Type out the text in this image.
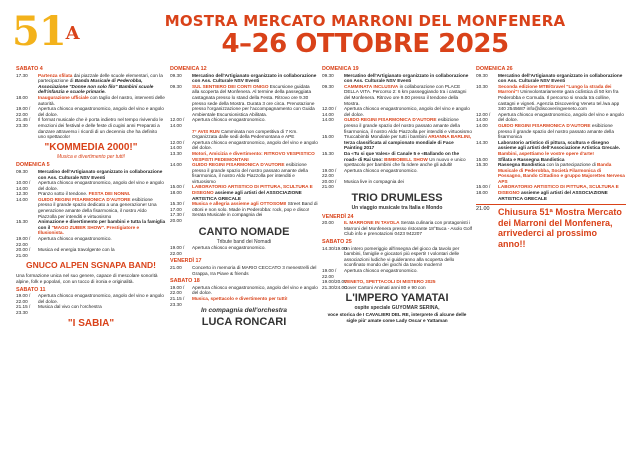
$51^A$
MOSTRA MERCATO MARRONI DEL MONFENERA
4–26 OTTOBRE 2025
SABATO 4
17.30	Partenza sfilata dai piazzale delle scuole elementari, con la partecipazione di Banda Musicale di Pederobba, Associazione "Donne non solo filo" Bambini scuole dell'infanzia e scuole primarie.
18.00	Inaugurazione ufficiale con taglio del nastro, interventi delle autorità.
19.00 / 22.00
Apertura chiosco enogastronomico, angolo del vino e angolo del dolce.
21.45 / 23.30
Il format musicale che è porta indietro nel tempo rivivendo le emozioni dei festival e delle feste di cugini anni Preparati a danzare attraverso i ricordi di un decennio che ha definito uno spettacolo!
"KOMMEDIA 2000!"
Musica e divertimento per tutti!
DOMENICA 5
09.30	Mercatino dell'Artigianato organizzato in collaborazione con Ass. Culturale NSV Eventi
10.00 / 14.00
Apertura chiosco enogastronomico, angolo del vino e angolo del dolce.
12.30	Pranzo sotto il tendone. FESTA DEI NONNI.
14.00	GUIDO REGINI FISARMONICA D'AUTORE esibizione presso il grande spazio dedicato a una generazione! Una generazione amante della fisarmonica, il nostro Aldo Piazzolla per intenditi e virtuosismo
15.30	Animazione e divertimento per bambini e tutta la famiglia con il "MAGO ZUBER SHOW". Prestigiatore e Illusionista.
19.00 / 22.00
Apertura chiosco enogastronomico.
20.00 / 21.00
Musica ed energia travolgente con la
GNUCO ALPEN SGNAPA BAND!
Una formazione unica nel suo genere, capace di mescolare sonorità alpine, folk e popolari, con un tocco di ironia e originalità.
SABATO 11
19.00 / 22.00
Apertura chiosco enogastronomico, angolo del vino e angolo del dolce.
21.15 / 23.30
Musica dal vivo con l'orchestra
"I SABIA"
DOMENICA 12
09.30	Mercatino dell'Artigianato organizzato in collaborazione con Ass. Culturale NSV Eventi
09.30	SUL SENTIERO DEI CONTI ONIGO Escursione guidata alla scoperta del Monfenera. Al termine della passeggiata castagnata presso lo stand della Festa. Ritrovo ore 9.30 presso sede della Mostra. Durata 3 ore circa. Prenotazione presso l'organizzazione per l'accompagnamento con Guida Ambientale Escursionistica Abilitata.
12.00 / 14.00
Apertura chiosco enogastronomico.
7° AVIS RUN Camminata non competitiva di 7 Km. Organizzata dalle sedi della Pedemontana e APE
12.00 / 14.00
Apertura chiosco enogastronomico, angolo del vino e angolo del dolce.
13.30	Motori, Amicizia e divertimento: RITROVO VESPISTICO VESPISTI PEDEMONTANI
14.00	GUIDO REGINI FISARMONICA D'AUTORE esibizione presso il grande spazio del nostro passato amante della fisarmonica, il nostro Aldo Piazzolla per intenditi e virtuosismo
15.00 / 18.00
LABORATORIO ARTISTICO DI PITTURA, SCULTURA E DISEGNO assieme agli artisti del ASSOCIAZIONE ARTISTICA GRECALE
15.30 / 17.00
Musica e allegria assieme agli OTTOSOMI! Street Band di ottoni e non solo. Made in Pederobba: rock, pop e disco!
17.30 / 20.00
Serata Musicale in compagnia dei
CANTO NOMADE
Tribute band dei Nomadi
19.00 / 22.00
Apertura chiosco enogastronomico.
VENERDÌ 17
21.00	Concerto in memoria di MARIO CECCATO 3 menestrelli del Grappa, Ira Piave & friends
SABATO 18
19.00 / 22.00
Apertura chiosco enogastronomico, angolo del vino e angolo del dolce.
21.15 / 23.30
Musica, spettacolo e divertimento per tutti!
In compagnia dell'orchestra
LUCA RONCARI
DOMENICA 19
09.30	Mercatino dell'Artigianato organizzato in collaborazione con Ass. Culturale NSV Eventi
09.30	CAMMINATA INCLUSIVA in collaborazione con PLACE DELLA VITA. Percorso 2: 6 km passeggiando tra i castagni del Monfenera. Ritrovo ore 9.00 presso il tendone della Mostra.
12.00 / 14.00
Apertura chiosco enogastronomico, angolo del vino e angolo del dolce.
14.00	GUIDO REGINI FISARMONICA D'AUTORE esibizione presso il grande spazio del nostro passato amante della fisarmonica, il nostro Aldo Piazzolla per intenditi e virtuosismo
15.00	Truccabimbi Mondiale per tutti i bambini ARIANNA BARLINI, terza classificata al campionato mondiale di Face Painting 2017
15.30	Da «Tu si que Vales» di Canale 5 e «Ballando on the road» di Rai Uno: BIMBOBELL SHOW Un nuovo e unico spettacolo per bambini che fa ridere anche gli adulti!
19.00 / 22.00
Apertura chiosco enogastronomico.
20.00 / 21.00
Musica live in compagnia dei
TRIO DRUMLESS
Un viaggio musicale tra Italia e Mondo
VENERDÌ 24
20.00	IL MARRONE IN TAVOLA Serata culinaria con protagonisti i Marroni del Monfenera presso ristorante 18°Buca - Asolo Golf Club info e prenotazioni 0423 942207
SABATO 25
14.30/19.00
Un intero pomeriggio all'insegna del gioco da tavolo per bambini, famiglie e giocatori più esperti! I volontari delle associazioni ludiche vi guideranno alla scoperta dello sconfinato mondo dei giochi da tavolo moderni!
19.00 / 22.00
Apertura chiosco enogastronomico.
19.00/20.00
VENETO, SPETTACOLI DI MISTERO 2025
21.30/24.00
Cover Cartoni Animati anni 80 e 90 con
L'IMPERO YAMATAI
ospite speciale GUYOMAR SERINA,
voce storica de I CAVALIERI DEL RE, interprete di alcune delle sigle più' amate come Lady Oscar e Yattaman
DOMENICA 26
09.30	Mercatino dell'Artigianato organizzato in collaborazione con Ass. Culturale NSV Eventi
10.30	Seconda edizione MTB/Gravel "Lungo la strada dei Marroni"! Uninvolontariamente gara ciclistica di 50 km fra Pederobba e Cornuda. Il percorso si snoda tra colline, castagni e vigneti. Agenzia Discovering Veneto tel./wa app 340 2545687 info@discoveringveneto.com
12.00 / 14.00
Apertura chiosco enogastronomico, angolo del vino e angolo del dolce.
14.00	GUIDO REGINI FISARMONICA D'AUTORE esibizione presso il grande spazio del nostro passato amante della fisarmonica
14.30	Laboratorio artistico di pittura, scultura e disegno assieme agli artisti dell'Associazione Artistica Grecale. Bambini, aspettiamo le vostre opere d'arte!
15.00	Sfilata e Rassegna Bandistica
15.30	Rassegna Bandistica con la partecipazione di Banda Musicale di Pederobba, Società Filarmonica di Possagno, Bando Cittadino e gruppo Majorettes Nervesa APS
15.00 / 18.00
LABORATORIO ARTISTICO DI PITTURA, SCULTURA E DISEGNO assieme agli artisti del ASSOCIAZIONE ARTISTICA GRECALE
21.00 Chiusura 51ª Mostra Mercato dei Marroni del Monfenera, arrivederci al prossimo anno!!
